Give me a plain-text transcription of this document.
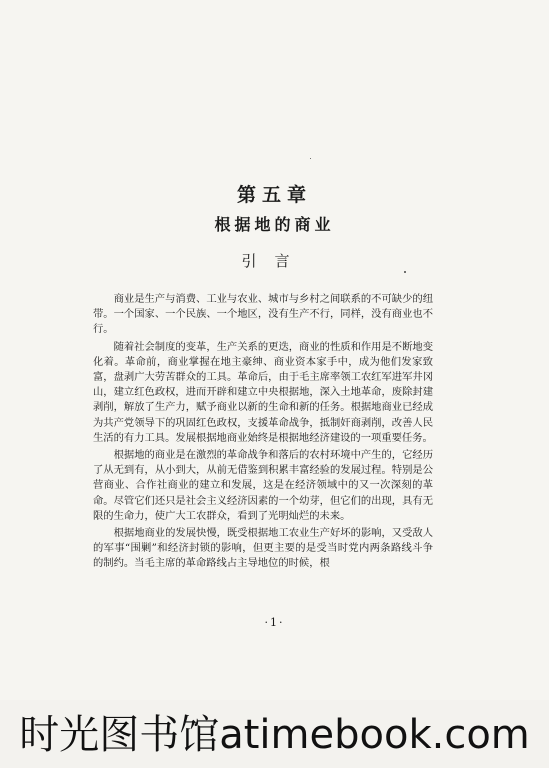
第五章
根据地的商业
引言

商业是生产与消费、工业与农业、城市与乡村之间联系的不可缺少的纽带。一个国家、一个民族、一个地区，没有生产不行，同样，没有商业也不行。

随着社会制度的变革，生产关系的更迭，商业的性质和作用是不断地变化着。革命前，商业掌握在地主豪绅、商业资本家手中，成为他们发家致富，盘剥广大劳苦群众的工具。革命后，由于毛主席率领工农红军进军井冈山，建立红色政权，进而开辟和建立中央根据地，深入土地革命，废除封建剥削，解放了生产力，赋予商业以新的生命和新的任务。根据地商业已经成为共产党领导下的巩固红色政权，支援革命战争，抵制奸商剥削，改善人民生活的有力工具。发展根据地商业始终是根据地经济建设的一项重要任务。

根据地的商业是在激烈的革命战争和落后的农村环境中产生的，它经历了从无到有，从小到大，从前无借鉴到积累丰富经验的发展过程。特别是公营商业、合作社商业的建立和发展，这是在经济领域中的又一次深刻的革命。尽管它们还只是社会主义经济因素的一个幼芽，但它们的出现，具有无限的生命力，使广大工农群众，看到了光明灿烂的未来。

根据地商业的发展快慢，既受根据地工农业生产好坏的影响，又受敌人的军事“围剿”和经济封锁的影响，但更主要的是受当时党内两条路线斗争的制约。当毛主席的革命路线占主导地位的时候，根

·1·
时光图书馆atimebook.com
